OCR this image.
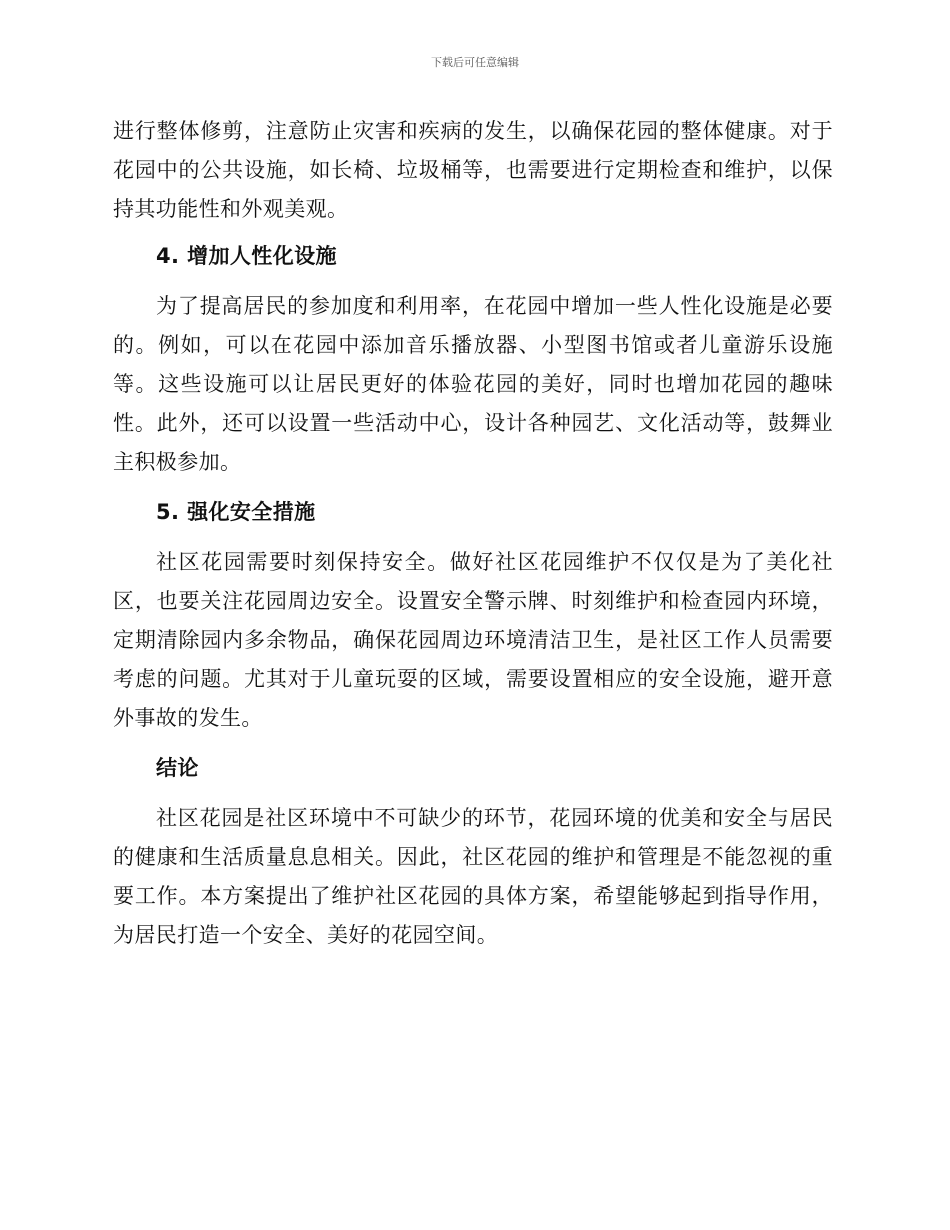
下载后可任意编辑

进行整体修剪，注意防止灾害和疾病的发生，以确保花园的整体健康。对于花园中的公共设施，如长椅、垃圾桶等，也需要进行定期检查和维护，以保持其功能性和外观美观。

4. 增加人性化设施

为了提高居民的参加度和利用率，在花园中增加一些人性化设施是必要的。例如，可以在花园中添加音乐播放器、小型图书馆或者儿童游乐设施等。这些设施可以让居民更好的体验花园的美好，同时也增加花园的趣味性。此外，还可以设置一些活动中心，设计各种园艺、文化活动等，鼓舞业主积极参加。

5. 强化安全措施

社区花园需要时刻保持安全。做好社区花园维护不仅仅是为了美化社区，也要关注花园周边安全。设置安全警示牌、时刻维护和检查园内环境，定期清除园内多余物品，确保花园周边环境清洁卫生，是社区工作人员需要考虑的问题。尤其对于儿童玩耍的区域，需要设置相应的安全设施，避开意外事故的发生。

结论

社区花园是社区环境中不可缺少的环节，花园环境的优美和安全与居民的健康和生活质量息息相关。因此，社区花园的维护和管理是不能忽视的重要工作。本方案提出了维护社区花园的具体方案，希望能够起到指导作用，为居民打造一个安全、美好的花园空间。
